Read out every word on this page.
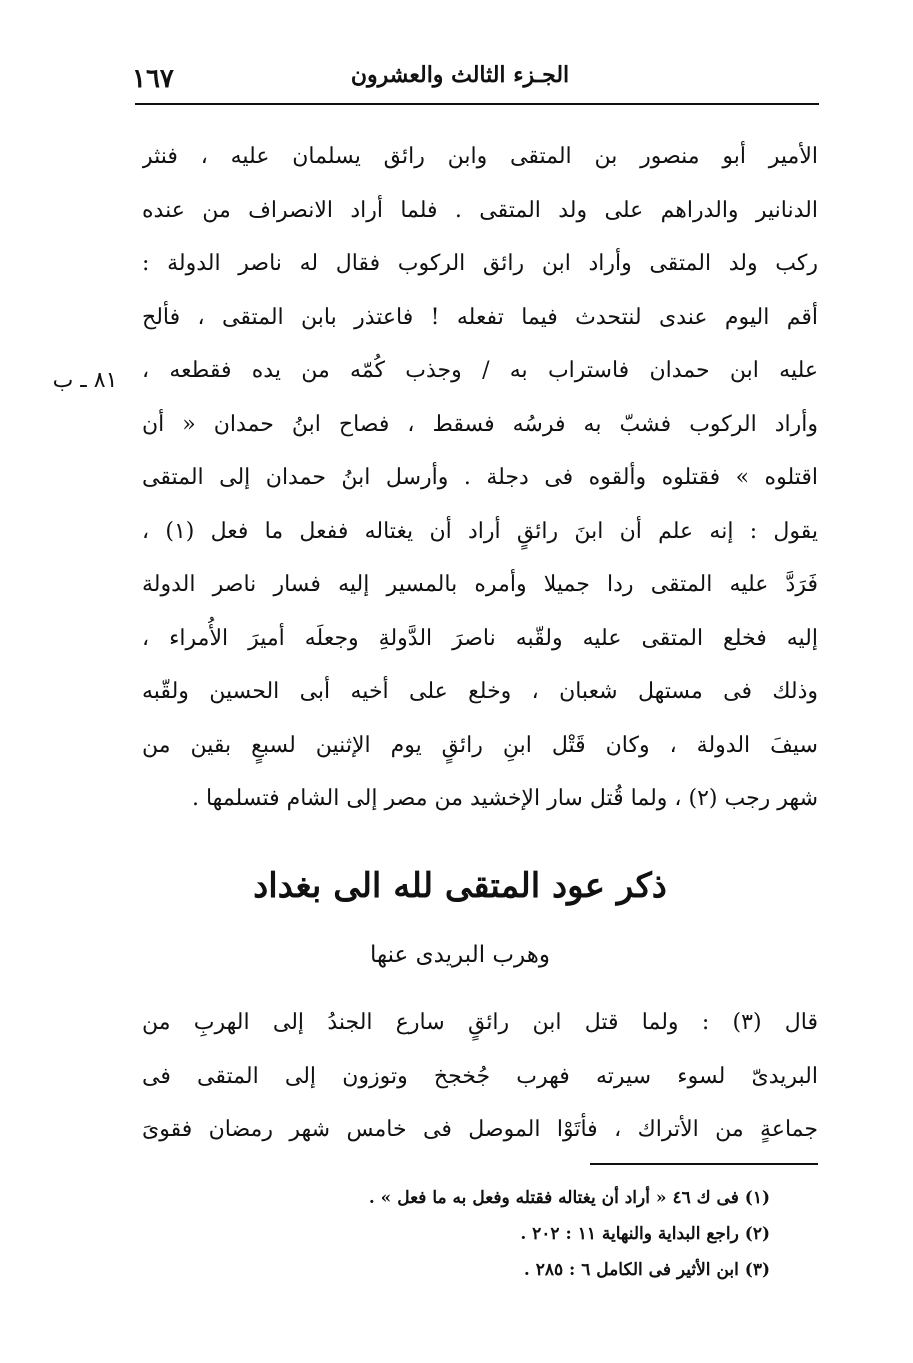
الجـزء الثالث والعشرون
١٦٧
٨١ ـ ب
الأمير أبو منصور بن المتقى وابن رائق يسلمان عليه ، فنثر
الدنانير والدراهم على ولد المتقى . فلما أراد الانصراف من عنده
ركب ولد المتقى وأراد ابن رائق الركوب فقال له ناصر الدولة :
أقم اليوم عندى لنتحدث فيما تفعله ! فاعتذر بابن المتقى ، فألح
عليه ابن حمدان فاستراب به / وجذب كُمّه من يده فقطعه ،
وأراد الركوب فشبّ به فرسُه فسقط ، فصاح ابنُ حمدان « أن
اقتلوه » فقتلوه وألقوه فى دجلة . وأرسل ابنُ حمدان إلى المتقى
يقول : إنه علم أن ابنَ رائقٍ أراد أن يغتاله ففعل ما فعل (١) ،
فَرَدَّ عليه المتقى ردا جميلا وأمره بالمسير إليه فسار ناصر الدولة
إليه فخلع المتقى عليه ولقّبه ناصرَ الدَّولةِ وجعلَه أميرَ الأُمراء ،
وذلك فى مستهل شعبان ، وخلع على أخيه أبى الحسين ولقّبه
سيفَ الدولة ، وكان قَتْل ابنِ رائقٍ يوم الإثنين لسبعٍ بقين من
شهر رجب (٢) ، ولما قُتل سار الإخشيد من مصر إلى الشام فتسلمها .
ذكر عود المتقى لله الى بغداد
وهرب البريدى عنها
قال (٣) : ولما قتل ابن رائقٍ سارع الجندُ إلى الهربِ من
البريدىّ لسوء سيرته فهرب جُخجخ وتوزون إلى المتقى فى
جماعةٍ من الأتراك ، فأتَوْا الموصل فى خامس شهر رمضان فقوىَ
(١) فى ك ٤٦ « أراد أن يغتاله فقتله وفعل به ما فعل » .
(٢) راجع البداية والنهاية ١١ : ٢٠٢ .
(٣) ابن الأثير فى الكامل ٦ : ٢٨٥ .
